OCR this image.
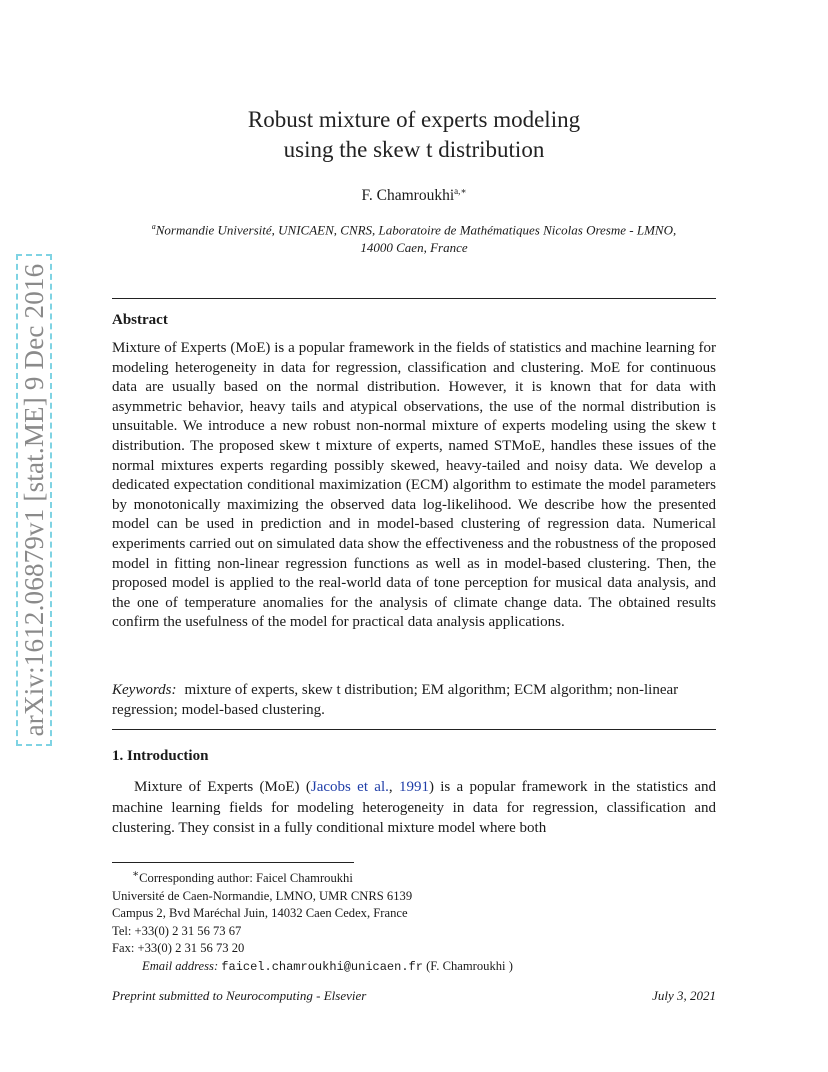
arXiv:1612.06879v1 [stat.ME] 9 Dec 2016
Robust mixture of experts modeling
using the skew t distribution
F. Chamroukhi$^{a,∗}$
$^a$Normandie Université, UNICAEN, CNRS, Laboratoire de Mathématiques Nicolas Oresme - LMNO,
14000 Caen, France
Abstract
Mixture of Experts (MoE) is a popular framework in the fields of statistics and machine learning for modeling heterogeneity in data for regression, classification and clustering. MoE for continuous data are usually based on the normal distribution. However, it is known that for data with asymmetric behavior, heavy tails and atypical observations, the use of the normal distribution is unsuitable. We introduce a new robust non-normal mixture of experts modeling using the skew t distribution. The proposed skew t mixture of experts, named STMoE, handles these issues of the normal mixtures experts regarding possibly skewed, heavy-tailed and noisy data. We develop a dedicated expectation conditional maximization (ECM) algorithm to estimate the model parameters by monotonically maximizing the observed data log-likelihood. We describe how the presented model can be used in prediction and in model-based clustering of regression data. Numerical experiments carried out on simulated data show the effectiveness and the robustness of the proposed model in fitting non-linear regression functions as well as in model-based clustering. Then, the proposed model is applied to the real-world data of tone perception for musical data analysis, and the one of temperature anomalies for the analysis of climate change data. The obtained results confirm the usefulness of the model for practical data analysis applications.
Keywords: mixture of experts, skew t distribution; EM algorithm; ECM algorithm; non-linear regression; model-based clustering.
1. Introduction
Mixture of Experts (MoE) (Jacobs et al., 1991) is a popular framework in the statistics and machine learning fields for modeling heterogeneity in data for regression, classification and clustering. They consist in a fully conditional mixture model where both
∗Corresponding author: Faicel Chamroukhi
Université de Caen-Normandie, LMNO, UMR CNRS 6139
Campus 2, Bvd Maréchal Juin, 14032 Caen Cedex, France
Tel: +33(0) 2 31 56 73 67
Fax: +33(0) 2 31 56 73 20
Email address: faicel.chamroukhi@unicaen.fr (F. Chamroukhi )
Preprint submitted to Neurocomputing - Elsevier	July 3, 2021
